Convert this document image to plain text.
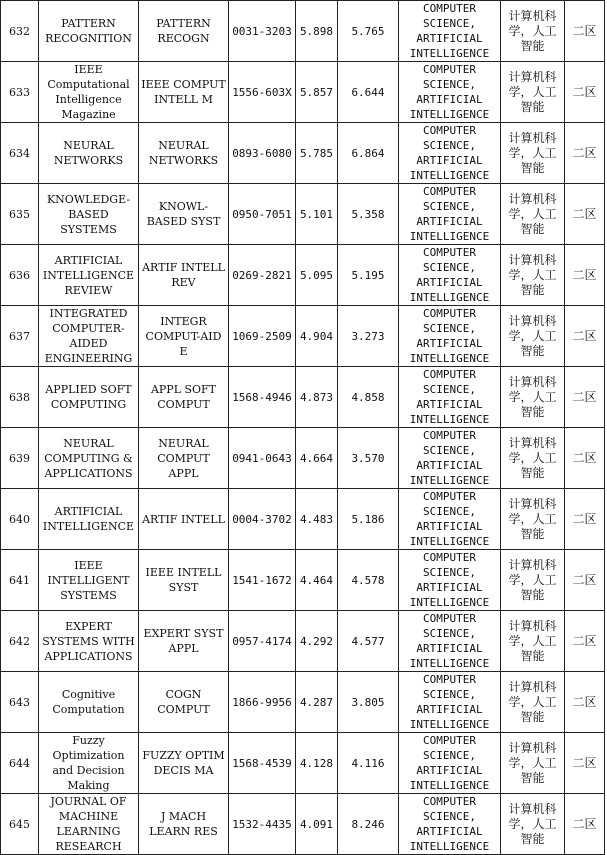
632	PATTERN RECOGNITION	PATTERN RECOGN	0031-3203	5.898	5.765	COMPUTER SCIENCE, ARTIFICIAL INTELLIGENCE	计算机科学，人工智能	二区

633	IEEE Computational Intelligence Magazine	IEEE COMPUT INTELL M	1556-603X	5.857	6.644	COMPUTER SCIENCE, ARTIFICIAL INTELLIGENCE	计算机科学，人工智能	二区

634	NEURAL NETWORKS	NEURAL NETWORKS	0893-6080	5.785	6.864	COMPUTER SCIENCE, ARTIFICIAL INTELLIGENCE	计算机科学，人工智能	二区

635	KNOWLEDGE-BASED SYSTEMS	KNOWL-BASED SYST	0950-7051	5.101	5.358	COMPUTER SCIENCE, ARTIFICIAL INTELLIGENCE	计算机科学，人工智能	二区

636	ARTIFICIAL INTELLIGENCE REVIEW	ARTIF INTELL REV	0269-2821	5.095	5.195	COMPUTER SCIENCE, ARTIFICIAL INTELLIGENCE	计算机科学，人工智能	二区

637	INTEGRATED COMPUTER-AIDED ENGINEERING	INTEGR COMPUT-AID E	1069-2509	4.904	3.273	COMPUTER SCIENCE, ARTIFICIAL INTELLIGENCE	计算机科学，人工智能	二区

638	APPLIED SOFT COMPUTING	APPL SOFT COMPUT	1568-4946	4.873	4.858	COMPUTER SCIENCE, ARTIFICIAL INTELLIGENCE	计算机科学，人工智能	二区

639	NEURAL COMPUTING & APPLICATIONS	NEURAL COMPUT APPL	0941-0643	4.664	3.570	COMPUTER SCIENCE, ARTIFICIAL INTELLIGENCE	计算机科学，人工智能	二区

640	ARTIFICIAL INTELLIGENCE	ARTIF INTELL	0004-3702	4.483	5.186	COMPUTER SCIENCE, ARTIFICIAL INTELLIGENCE	计算机科学，人工智能	二区

641	IEEE INTELLIGENT SYSTEMS	IEEE INTELL SYST	1541-1672	4.464	4.578	COMPUTER SCIENCE, ARTIFICIAL INTELLIGENCE	计算机科学，人工智能	二区

642	EXPERT SYSTEMS WITH APPLICATIONS	EXPERT SYST APPL	0957-4174	4.292	4.577	COMPUTER SCIENCE, ARTIFICIAL INTELLIGENCE	计算机科学，人工智能	二区

643	Cognitive Computation	COGN COMPUT	1866-9956	4.287	3.805	COMPUTER SCIENCE, ARTIFICIAL INTELLIGENCE	计算机科学，人工智能	二区

644	Fuzzy Optimization and Decision Making	FUZZY OPTIM DECIS MA	1568-4539	4.128	4.116	COMPUTER SCIENCE, ARTIFICIAL INTELLIGENCE	计算机科学，人工智能	二区

645	JOURNAL OF MACHINE LEARNING RESEARCH	J MACH LEARN RES	1532-4435	4.091	8.246	COMPUTER SCIENCE, ARTIFICIAL INTELLIGENCE	计算机科学，人工智能	二区
